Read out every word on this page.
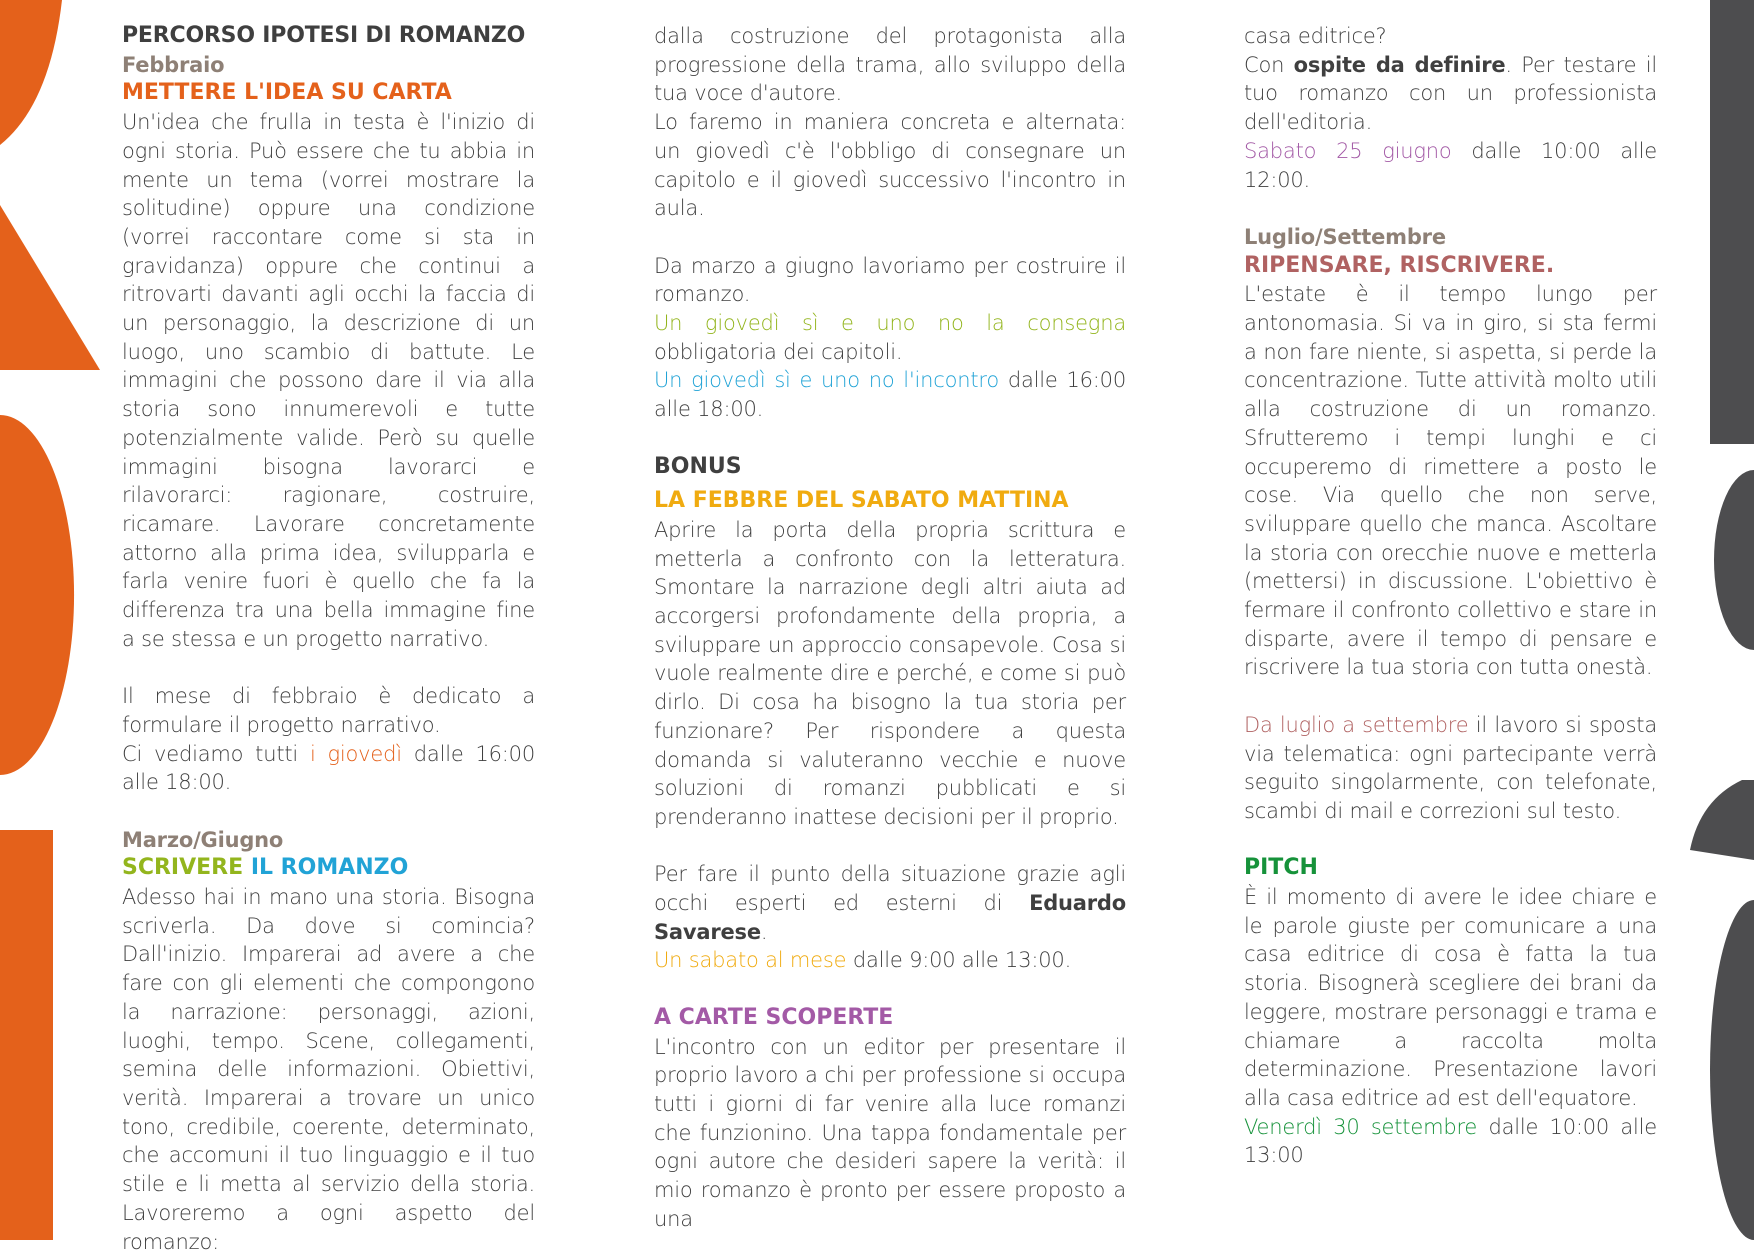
PERCORSO IPOTESI DI ROMANZO
Febbraio
METTERE L'IDEA SU CARTA

Un'idea che frulla in testa è l'inizio di ogni storia. Può essere che tu abbia in mente un tema (vorrei mostrare la solitudine) oppure una condizione (vorrei raccontare come si sta in gravidanza) oppure che continui a ritrovarti davanti agli occhi la faccia di un personaggio, la descrizione di un luogo, uno scambio di battute. Le immagini che possono dare il via alla storia sono innumerevoli e tutte potenzialmente valide. Però su quelle immagini bisogna lavorarci e rilavorarci: ragionare, costruire, ricamare. Lavorare concretamente attorno alla prima idea, svilupparla e farla venire fuori è quello che fa la differenza tra una bella immagine fine a se stessa e un progetto narrativo.

Il mese di febbraio è dedicato a formulare il progetto narrativo.

Ci vediamo tutti i giovedì dalle 16:00 alle 18:00.

Marzo/Giugno
SCRIVERE IL ROMANZO

Adesso hai in mano una storia. Bisogna scriverla. Da dove si comincia? Dall'inizio. Imparerai ad avere a che fare con gli elementi che compongono la narrazione: personaggi, azioni, luoghi, tempo. Scene, collegamenti, semina delle informazioni. Obiettivi, verità. Imparerai a trovare un unico tono, credibile, coerente, determinato, che accomuni il tuo linguaggio e il tuo stile e li metta al servizio della storia. Lavoreremo a ogni aspetto del romanzo:

dalla costruzione del protagonista alla progressione della trama, allo sviluppo della tua voce d'autore.

Lo faremo in maniera concreta e alternata: un giovedì c'è l'obbligo di consegnare un capitolo e il giovedì successivo l'incontro in aula.

Da marzo a giugno lavoriamo per costruire il romanzo.

Un giovedì sì e uno no la consegna obbligatoria dei capitoli.

Un giovedì sì e uno no l'incontro dalle 16:00 alle 18:00.

BONUS
LA FEBBRE DEL SABATO MATTINA

Aprire la porta della propria scrittura e metterla a confronto con la letteratura. Smontare la narrazione degli altri aiuta ad accorgersi profondamente della propria, a sviluppare un approccio consapevole. Cosa si vuole realmente dire e perché, e come si può dirlo. Di cosa ha bisogno la tua storia per funzionare? Per rispondere a questa domanda si valuteranno vecchie e nuove soluzioni di romanzi pubblicati e si prenderanno inattese decisioni per il proprio.

Per fare il punto della situazione grazie agli occhi esperti ed esterni di Eduardo Savarese.

Un sabato al mese dalle 9:00 alle 13:00.

A CARTE SCOPERTE

L'incontro con un editor per presentare il proprio lavoro a chi per professione si occupa tutti i giorni di far venire alla luce romanzi che funzionino. Una tappa fondamentale per ogni autore che desideri sapere la verità: il mio romanzo è pronto per essere proposto a una

casa editrice?

Con ospite da definire. Per testare il tuo romanzo con un professionista dell'editoria.

Sabato 25 giugno dalle 10:00 alle 12:00.

Luglio/Settembre
RIPENSARE, RISCRIVERE.

L'estate è il tempo lungo per antonomasia. Si va in giro, si sta fermi a non fare niente, si aspetta, si perde la concentrazione. Tutte attività molto utili alla costruzione di un romanzo. Sfrutteremo i tempi lunghi e ci occuperemo di rimettere a posto le cose. Via quello che non serve, sviluppare quello che manca. Ascoltare la storia con orecchie nuove e metterla (mettersi) in discussione. L'obiettivo è fermare il confronto collettivo e stare in disparte, avere il tempo di pensare e riscrivere la tua storia con tutta onestà.

Da luglio a settembre il lavoro si sposta via telematica: ogni partecipante verrà seguito singolarmente, con telefonate, scambi di mail e correzioni sul testo.

PITCH

È il momento di avere le idee chiare e le parole giuste per comunicare a una casa editrice di cosa è fatta la tua storia. Bisognerà scegliere dei brani da leggere, mostrare personaggi e trama e chiamare a raccolta molta determinazione. Presentazione lavori alla casa editrice ad est dell'equatore.

Venerdì 30 settembre dalle 10:00 alle 13:00
